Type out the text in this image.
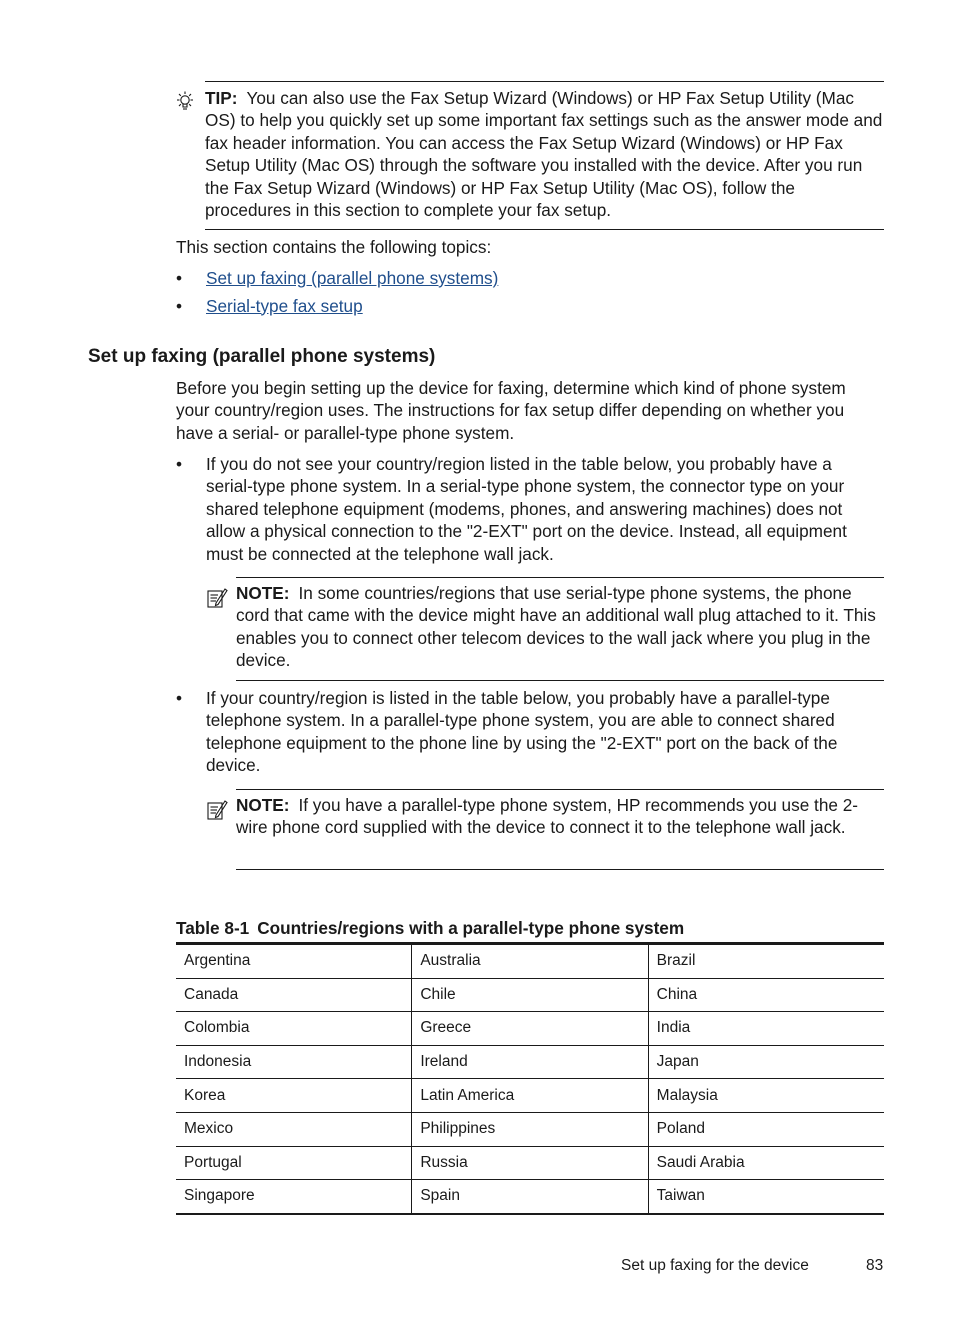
TIP: You can also use the Fax Setup Wizard (Windows) or HP Fax Setup Utility (Mac OS) to help you quickly set up some important fax settings such as the answer mode and fax header information. You can access the Fax Setup Wizard (Windows) or HP Fax Setup Utility (Mac OS) through the software you installed with the device. After you run the Fax Setup Wizard (Windows) or HP Fax Setup Utility (Mac OS), follow the procedures in this section to complete your fax setup.
This section contains the following topics:
• Set up faxing (parallel phone systems)
• Serial-type fax setup
Set up faxing (parallel phone systems)
Before you begin setting up the device for faxing, determine which kind of phone system your country/region uses. The instructions for fax setup differ depending on whether you have a serial- or parallel-type phone system.
• If you do not see your country/region listed in the table below, you probably have a serial-type phone system. In a serial-type phone system, the connector type on your shared telephone equipment (modems, phones, and answering machines) does not allow a physical connection to the "2-EXT" port on the device. Instead, all equipment must be connected at the telephone wall jack.
NOTE: In some countries/regions that use serial-type phone systems, the phone cord that came with the device might have an additional wall plug attached to it. This enables you to connect other telecom devices to the wall jack where you plug in the device.
• If your country/region is listed in the table below, you probably have a parallel-type telephone system. In a parallel-type phone system, you are able to connect shared telephone equipment to the phone line by using the "2-EXT" port on the back of the device.
NOTE: If you have a parallel-type phone system, HP recommends you use the 2-wire phone cord supplied with the device to connect it to the telephone wall jack.
Table 8-1 Countries/regions with a parallel-type phone system
Argentina	Australia	Brazil
Canada	Chile	China
Colombia	Greece	India
Indonesia	Ireland	Japan
Korea	Latin America	Malaysia
Mexico	Philippines	Poland
Portugal	Russia	Saudi Arabia
Singapore	Spain	Taiwan
Set up faxing for the device	83
